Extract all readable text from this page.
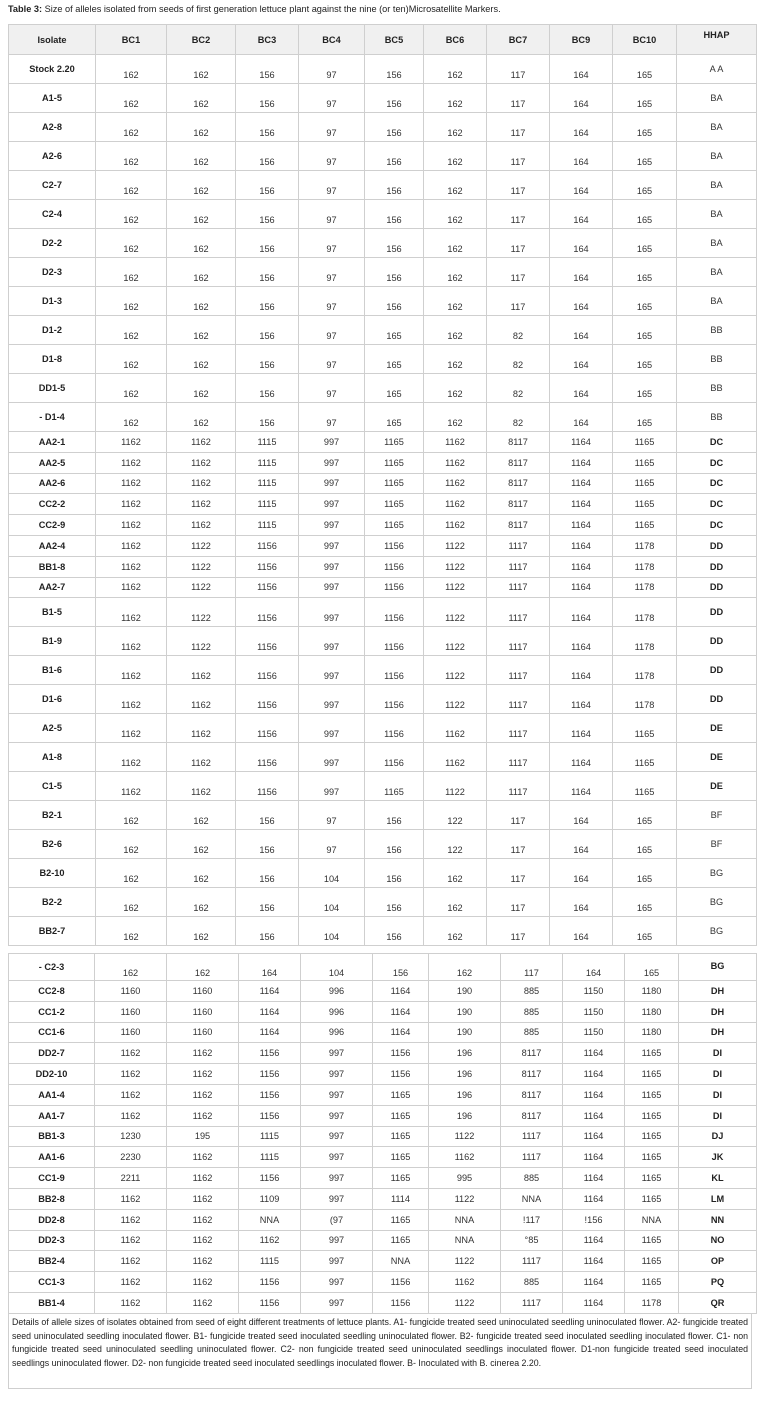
Table 3: Size of alleles isolated from seeds of first generation lettuce plant against the nine (or ten)Microsatellite Markers.
Isolate	BC1	BC2	BC3	BC4	BC5	BC6	BC7	BC9	BC10	HHAP
Stock 2.20	162	162	156	97	156	162	117	164	165	A A
A1-5	162	162	156	97	156	162	117	164	165	BA
A2-8	162	162	156	97	156	162	117	164	165	BA
A2-6	162	162	156	97	156	162	117	164	165	BA
C2-7	162	162	156	97	156	162	117	164	165	BA
C2-4	162	162	156	97	156	162	117	164	165	BA
D2-2	162	162	156	97	156	162	117	164	165	BA
D2-3	162	162	156	97	156	162	117	164	165	BA
D1-3	162	162	156	97	156	162	117	164	165	BA
D1-2	162	162	156	97	165	162	82	164	165	BB
D1-8	162	162	156	97	165	162	82	164	165	BB
DD1-5	162	162	156	97	165	162	82	164	165	BB
- D1-4	162	162	156	97	165	162	82	164	165	BB
AA2-1	1162	1162	1115	997	1165	1162	8117	1164	1165	DC
AA2-5	1162	1162	1115	997	1165	1162	8117	1164	1165	DC
AA2-6	1162	1162	1115	997	1165	1162	8117	1164	1165	DC
CC2-2	1162	1162	1115	997	1165	1162	8117	1164	1165	DC
CC2-9	1162	1162	1115	997	1165	1162	8117	1164	1165	DC
AA2-4	1162	1122	1156	997	1156	1122	1117	1164	1178	DD
BB1-8	1162	1122	1156	997	1156	1122	1117	1164	1178	DD
AA2-7	1162	1122	1156	997	1156	1122	1117	1164	1178	DD
B1-5	1162	1122	1156	997	1156	1122	1117	1164	1178	DD
B1-9	1162	1122	1156	997	1156	1122	1117	1164	1178	DD
B1-6	1162	1162	1156	997	1156	1122	1117	1164	1178	DD
D1-6	1162	1162	1156	997	1156	1122	1117	1164	1178	DD
A2-5	1162	1162	1156	997	1156	1162	1117	1164	1165	DE
A1-8	1162	1162	1156	997	1156	1162	1117	1164	1165	DE
C1-5	1162	1162	1156	997	1165	1122	1117	1164	1165	DE
B2-1	162	162	156	97	156	122	117	164	165	BF
B2-6	162	162	156	97	156	122	117	164	165	BF
B2-10	162	162	156	104	156	162	117	164	165	BG
B2-2	162	162	156	104	156	162	117	164	165	BG
BB2-7	162	162	156	104	156	162	117	164	165	BG
- C2-3	162	162	164	104	156	162	117	164	165	BG
CC2-8	1160	1160	1164	996	1164	190	885	1150	1180	DH
CC1-2	1160	1160	1164	996	1164	190	885	1150	1180	DH
CC1-6	1160	1160	1164	996	1164	190	885	1150	1180	DH
DD2-7	1162	1162	1156	997	1156	196	8117	1164	1165	DI
DD2-10	1162	1162	1156	997	1156	196	8117	1164	1165	DI
AA1-4	1162	1162	1156	997	1165	196	8117	1164	1165	DI
AA1-7	1162	1162	1156	997	1165	196	8117	1164	1165	DI
BB1-3	1230	195	1115	997	1165	1122	1117	1164	1165	DJ
AA1-6	2230	1162	1115	997	1165	1162	1117	1164	1165	JK
CC1-9	2211	1162	1156	997	1165	995	885	1164	1165	KL
BB2-8	1162	1162	1109	997	1114	1122	NNA	1164	1165	LM
DD2-8	1162	1162	NNA	(97	1165	NNA	!117	!156	NNA	NN
DD2-3	1162	1162	1162	997	1165	NNA	°85	1164	1165	NO
BB2-4	1162	1162	1115	997	NNA	1122	1117	1164	1165	OP
CC1-3	1162	1162	1156	997	1156	1162	885	1164	1165	PQ
BB1-4	1162	1162	1156	997	1156	1122	1117	1164	1178	QR
Details of allele sizes of isolates obtained from seed of eight different treatments of lettuce plants. A1- fungicide treated seed uninoculated seedling uninoculated flower. A2- fungicide treated seed uninoculated seedling inoculated flower. B1- fungicide treated seed inoculated seedling uninoculated flower. B2- fungicide treated seed inoculated seedling inoculated flower. C1- non fungicide treated seed uninoculated seedling uninoculated flower. C2- non fungicide treated seed uninoculated seedlings inoculated flower. D1-non fungicide treated seed inoculated seedlings uninoculated flower. D2- non fungicide treated seed inoculated seedlings inoculated flower. B- Inoculated with B. cinerea 2.20.
